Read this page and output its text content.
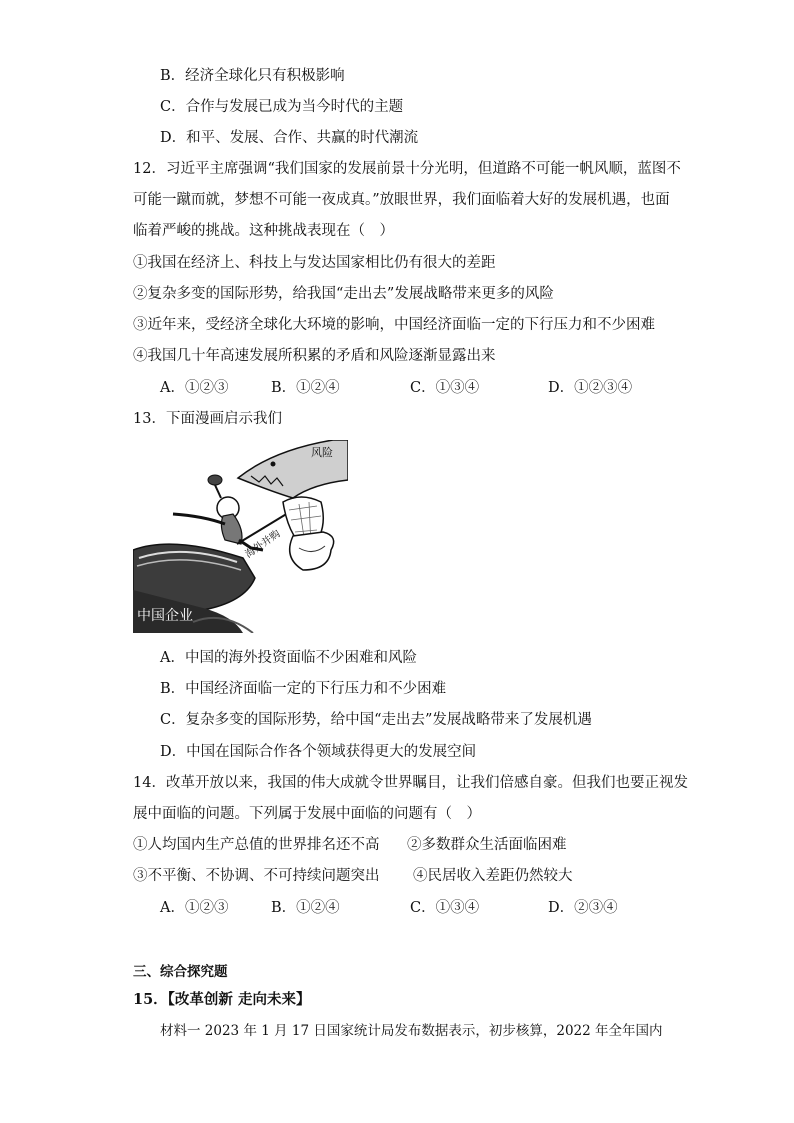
B．经济全球化只有积极影响
C．合作与发展已成为当今时代的主题
D．和平、发展、合作、共赢的时代潮流
12．习近平主席强调“我们国家的发展前景十分光明，但道路不可能一帆风顺，蓝图不
可能一蹴而就，梦想不可能一夜成真。”放眼世界，我们面临着大好的发展机遇，也面
临着严峻的挑战。这种挑战表现在（　）
①我国在经济上、科技上与发达国家相比仍有很大的差距
②复杂多变的国际形势，给我国“走出去”发展战略带来更多的风险
③近年来，受经济全球化大环境的影响，中国经济面临一定的下行压力和不少困难
④我国几十年高速发展所积累的矛盾和风险逐渐显露出来
A．①②③	B．①②④	C．①③④	D．①②③④
13．下面漫画启示我们
中国企业
海外并购
风险
A．中国的海外投资面临不少困难和风险
B．中国经济面临一定的下行压力和不少困难
C．复杂多变的国际形势，给中国“走出去”发展战略带来了发展机遇
D．中国在国际合作各个领域获得更大的发展空间
14．改革开放以来，我国的伟大成就令世界瞩目，让我们倍感自豪。但我们也要正视发
展中面临的问题。下列属于发展中面临的问题有（　）
①人均国内生产总值的世界排名还不高 ②多数群众生活面临困难
③不平衡、不协调、不可持续问题突出 ④民居收入差距仍然较大
A．①②③	B．①②④	C．①③④	D．②③④
三、综合探究题
15．【改革创新 走向未来】
材料一 2023 年 1 月 17 日国家统计局发布数据表示，初步核算，2022 年全年国内
